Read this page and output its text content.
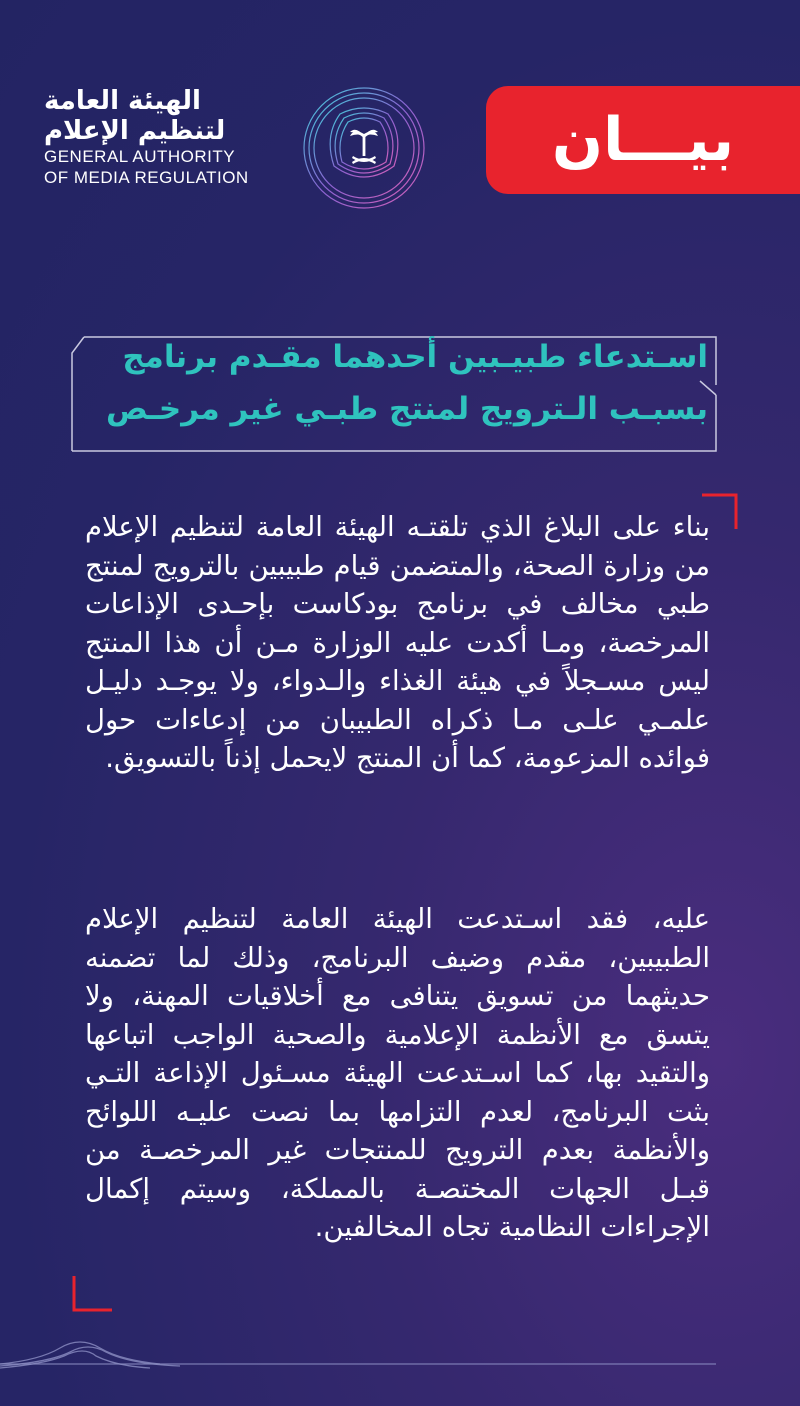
الهيئة العامة
لتنظيم الإعلام
GENERAL AUTHORITY
OF MEDIA REGULATION
بيـــان
اسـتدعاء طبيـبين أحدهما مقـدم برنامج
بسبـب الـترويج لمنتج طبـي غير مرخـص
بناء على البلاغ الذي تلقتـه الهيئة العامة لتنظيم الإعلام من وزارة الصحة، والمتضمن قيام طبيبين بالترويج لمنتج طبي مخالف في برنامج بودكاست بإحـدى الإذاعات المرخصة، ومـا أكدت عليه الوزارة مـن أن هذا المنتج ليس مسـجلاً في هيئة الغذاء والـدواء، ولا يوجـد دليـل علمـي علـى مـا ذكراه الطبيبان من إدعاءات حول فوائده المزعومة، كما أن المنتج لايحمل إذناً بالتسويق.
عليه، فقد اسـتدعت الهيئة العامة لتنظيم الإعلام الطبيبين، مقدم وضيف البرنامج، وذلك لما تضمنه حديثهما من تسويق يتنافى مع أخلاقيات المهنة، ولا يتسق مع الأنظمة الإعلامية والصحية الواجب اتباعها والتقيد بها، كما اسـتدعت الهيئة مسـئول الإذاعة التـي بثت البرنامج، لعدم التزامها بما نصت عليـه اللوائح والأنظمة بعدم الترويج للمنتجات غير المرخصـة من قبـل الجهات المختصـة بالمملكة، وسيتم إكمال الإجراءات النظامية تجاه المخالفين.
